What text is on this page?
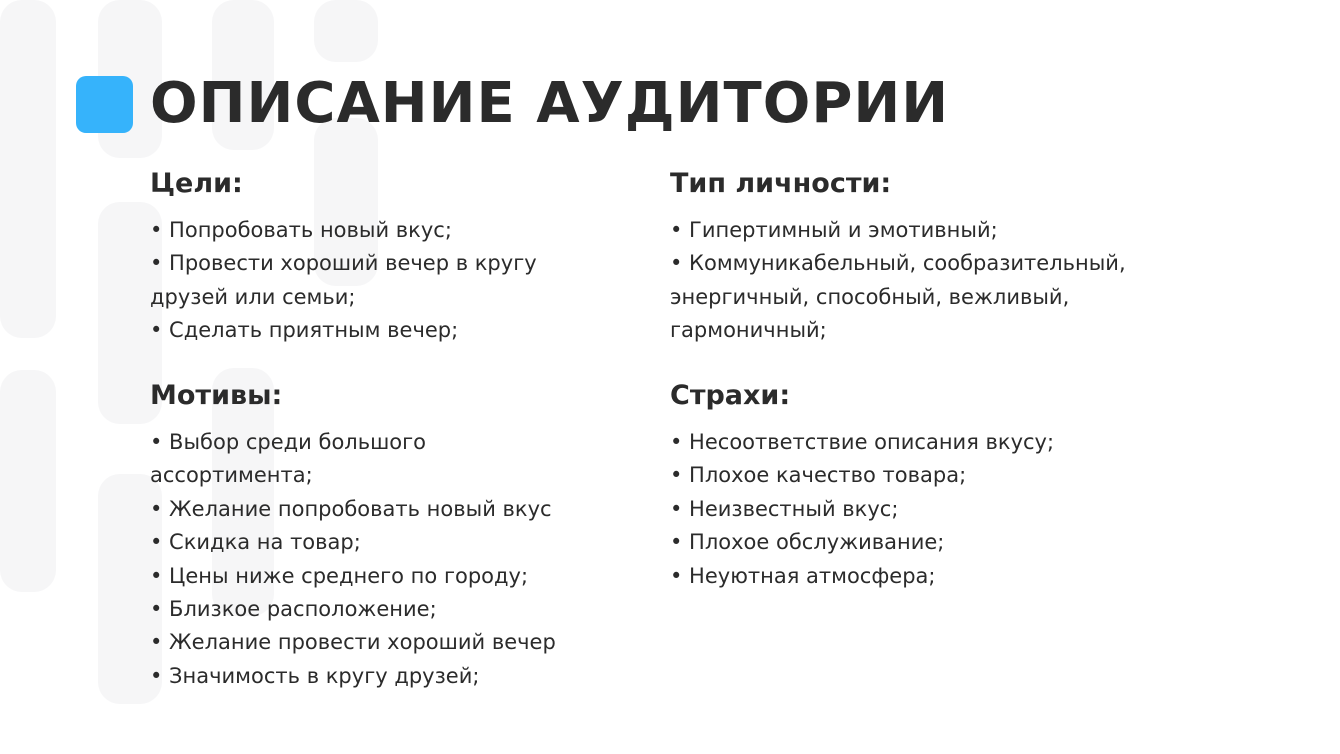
ОПИСАНИЕ АУДИТОРИИ
Цели:
• Попробовать новый вкус;
• Провести хороший вечер в кругу
друзей или семьи;
• Сделать приятным вечер;
Тип личности:
• Гипертимный и эмотивный;
• Коммуникабельный, сообразительный,
энергичный, способный, вежливый,
гармоничный;
Мотивы:
• Выбор среди большого
ассортимента;
• Желание попробовать новый вкус
• Скидка на товар;
• Цены ниже среднего по городу;
• Близкое расположение;
• Желание провести хороший вечер
• Значимость в кругу друзей;
Страхи:
• Несоответствие описания вкусу;
• Плохое качество товара;
• Неизвестный вкус;
• Плохое обслуживание;
• Неуютная атмосфера;
